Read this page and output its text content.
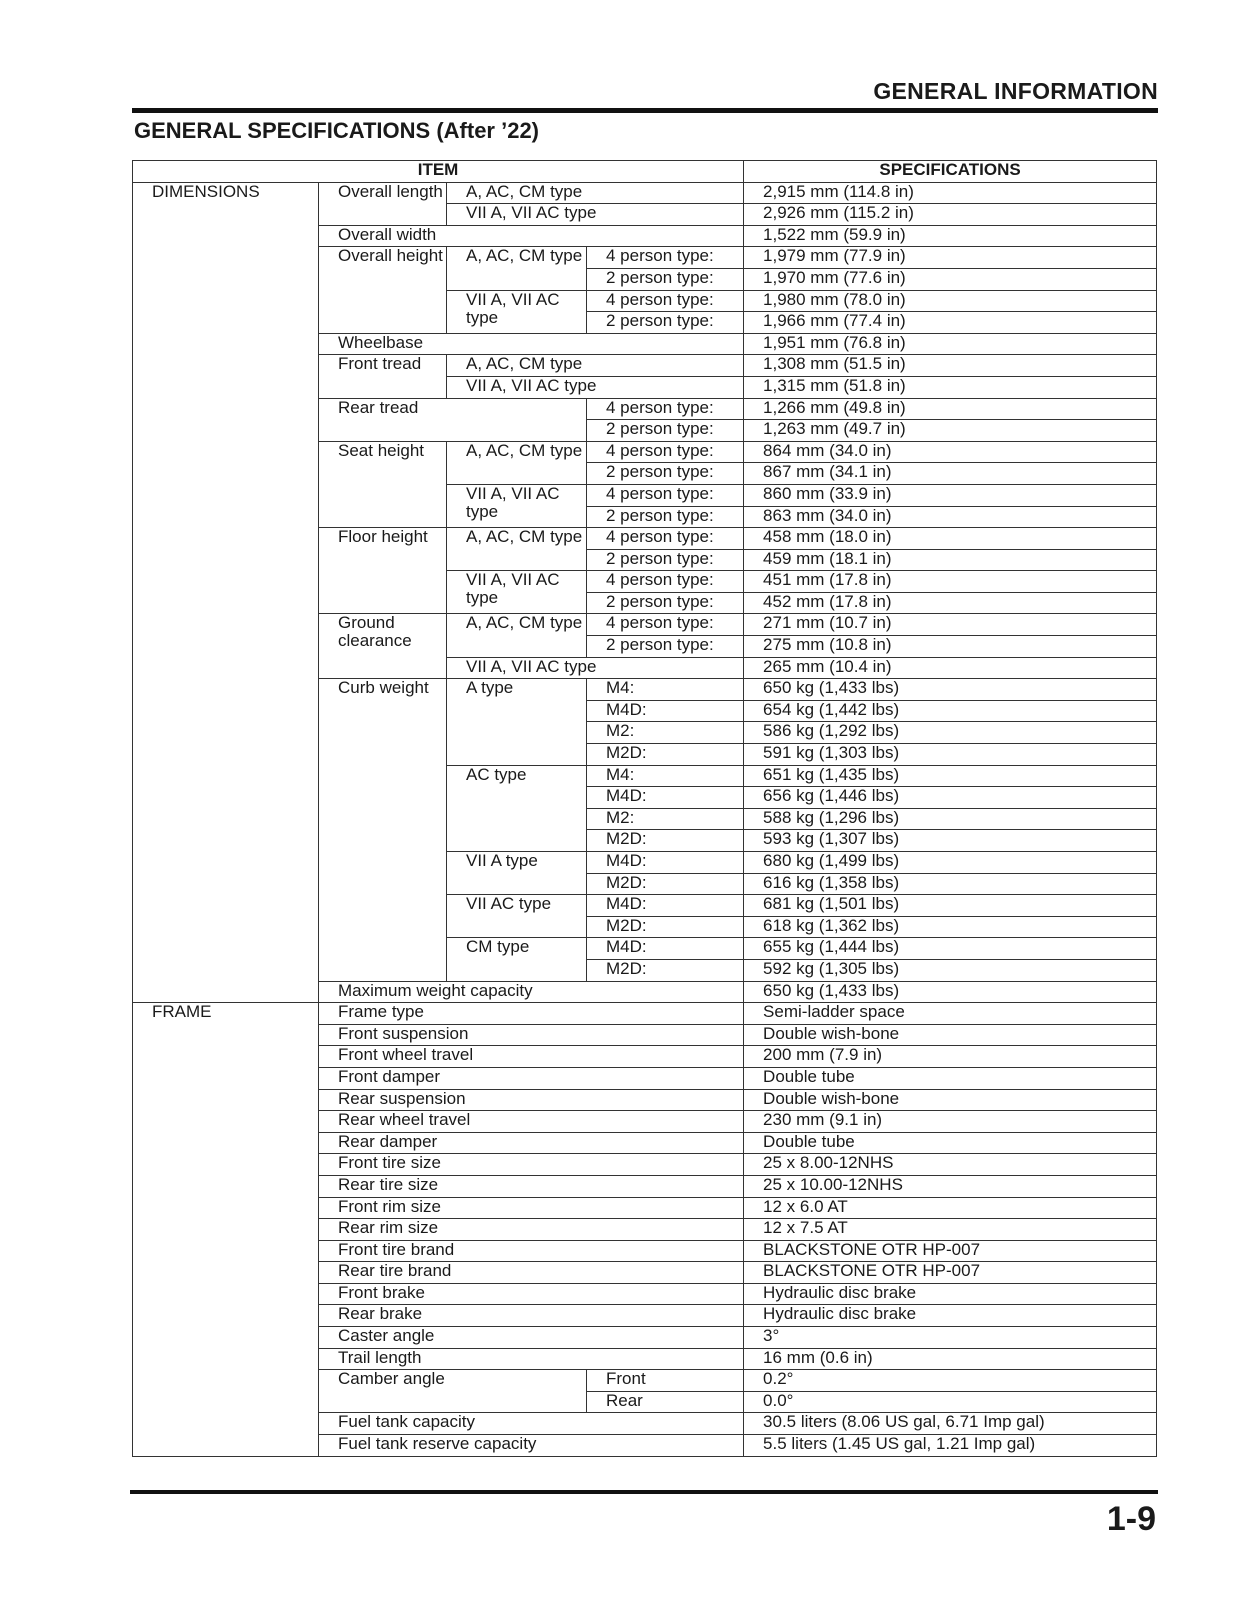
GENERAL INFORMATION
GENERAL SPECIFICATIONS (After ’22)
ITEM				SPECIFICATIONS
DIMENSIONS	Overall length	A, AC, CM type		2,915 mm (114.8 in)
		VII A, VII AC type		2,926 mm (115.2 in)
	Overall width			1,522 mm (59.9 in)
	Overall height	A, AC, CM type	4 person type:	1,979 mm (77.9 in)
			2 person type:	1,970 mm (77.6 in)
		VII A, VII AC type	4 person type:	1,980 mm (78.0 in)
			2 person type:	1,966 mm (77.4 in)
	Wheelbase			1,951 mm (76.8 in)
	Front tread	A, AC, CM type		1,308 mm (51.5 in)
		VII A, VII AC type		1,315 mm (51.8 in)
	Rear tread		4 person type:	1,266 mm (49.8 in)
			2 person type:	1,263 mm (49.7 in)
	Seat height	A, AC, CM type	4 person type:	864 mm (34.0 in)
			2 person type:	867 mm (34.1 in)
		VII A, VII AC type	4 person type:	860 mm (33.9 in)
			2 person type:	863 mm (34.0 in)
	Floor height	A, AC, CM type	4 person type:	458 mm (18.0 in)
			2 person type:	459 mm (18.1 in)
		VII A, VII AC type	4 person type:	451 mm (17.8 in)
			2 person type:	452 mm (17.8 in)
	Ground clearance	A, AC, CM type	4 person type:	271 mm (10.7 in)
			2 person type:	275 mm (10.8 in)
		VII A, VII AC type		265 mm (10.4 in)
	Curb weight	A type	M4:	650 kg (1,433 lbs)
			M4D:	654 kg (1,442 lbs)
			M2:	586 kg (1,292 lbs)
			M2D:	591 kg (1,303 lbs)
		AC type	M4:	651 kg (1,435 lbs)
			M4D:	656 kg (1,446 lbs)
			M2:	588 kg (1,296 lbs)
			M2D:	593 kg (1,307 lbs)
		VII A type	M4D:	680 kg (1,499 lbs)
			M2D:	616 kg (1,358 lbs)
		VII AC type	M4D:	681 kg (1,501 lbs)
			M2D:	618 kg (1,362 lbs)
		CM type	M4D:	655 kg (1,444 lbs)
			M2D:	592 kg (1,305 lbs)
	Maximum weight capacity			650 kg (1,433 lbs)
FRAME	Frame type			Semi-ladder space
	Front suspension			Double wish-bone
	Front wheel travel			200 mm (7.9 in)
	Front damper			Double tube
	Rear suspension			Double wish-bone
	Rear wheel travel			230 mm (9.1 in)
	Rear damper			Double tube
	Front tire size			25 x 8.00-12NHS
	Rear tire size			25 x 10.00-12NHS
	Front rim size			12 x 6.0 AT
	Rear rim size			12 x 7.5 AT
	Front tire brand			BLACKSTONE OTR HP-007
	Rear tire brand			BLACKSTONE OTR HP-007
	Front brake			Hydraulic disc brake
	Rear brake			Hydraulic disc brake
	Caster angle			3°
	Trail length			16 mm (0.6 in)
	Camber angle		Front	0.2°
			Rear	0.0°
	Fuel tank capacity			30.5 liters (8.06 US gal, 6.71 Imp gal)
	Fuel tank reserve capacity			5.5 liters (1.45 US gal, 1.21 Imp gal)
1-9
